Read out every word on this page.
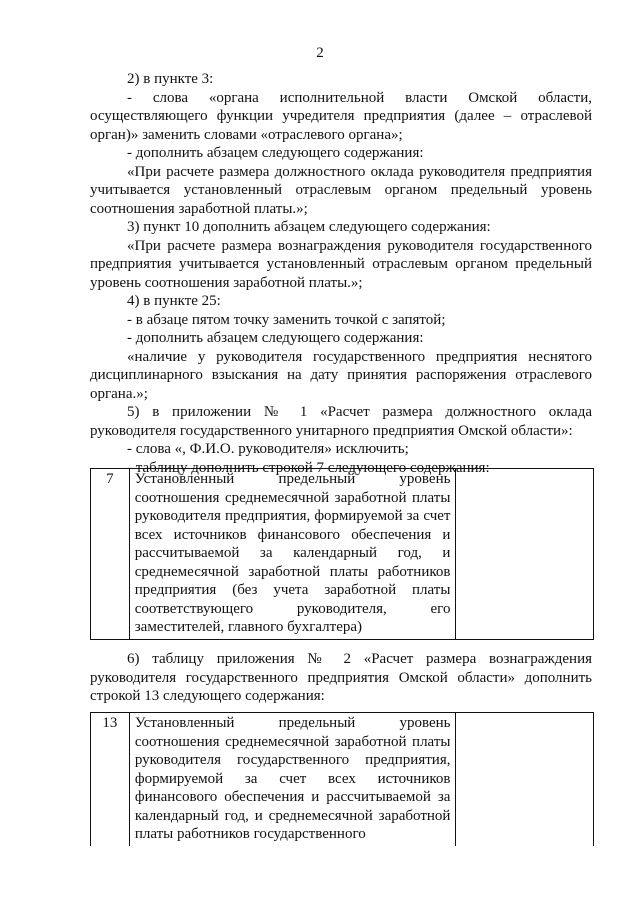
2

2) в пункте 3:

- слова «органа исполнительной власти Омской области, осуществляющего функции учредителя предприятия (далее – отраслевой орган)» заменить словами «отраслевого органа»;

- дополнить абзацем следующего содержания:

«При расчете размера должностного оклада руководителя предприятия учитывается установленный отраслевым органом предельный уровень соотношения заработной платы.»;

3) пункт 10 дополнить абзацем следующего содержания:

«При расчете размера вознаграждения руководителя государственного предприятия учитывается установленный отраслевым органом предельный уровень соотношения заработной платы.»;

4) в пункте 25:

- в абзаце пятом точку заменить точкой с запятой;

- дополнить абзацем следующего содержания:

«наличие у руководителя государственного предприятия неснятого дисциплинарного взыскания на дату принятия распоряжения отраслевого органа.»;

5) в приложении № 1 «Расчет размера должностного оклада руководителя государственного унитарного предприятия Омской области»:

- слова «, Ф.И.О. руководителя» исключить;

- таблицу дополнить строкой 7 следующего содержания:

7	Установленный предельный уровень соотношения среднемесячной заработной платы руководителя предприятия, формируемой за счет всех источников финансового обеспечения и рассчитываемой за календарный год, и среднемесячной заработной платы работников предприятия (без учета заработной платы соответствующего руководителя, его заместителей, главного бухгалтера)	

6) таблицу приложения № 2 «Расчет размера вознаграждения руководителя государственного предприятия Омской области» дополнить строкой 13 следующего содержания:

13	Установленный предельный уровень соотношения среднемесячной заработной платы руководителя государственного предприятия, формируемой за счет всех источников финансового обеспечения и рассчитываемой за календарный год, и среднемесячной заработной платы работников государственного	
